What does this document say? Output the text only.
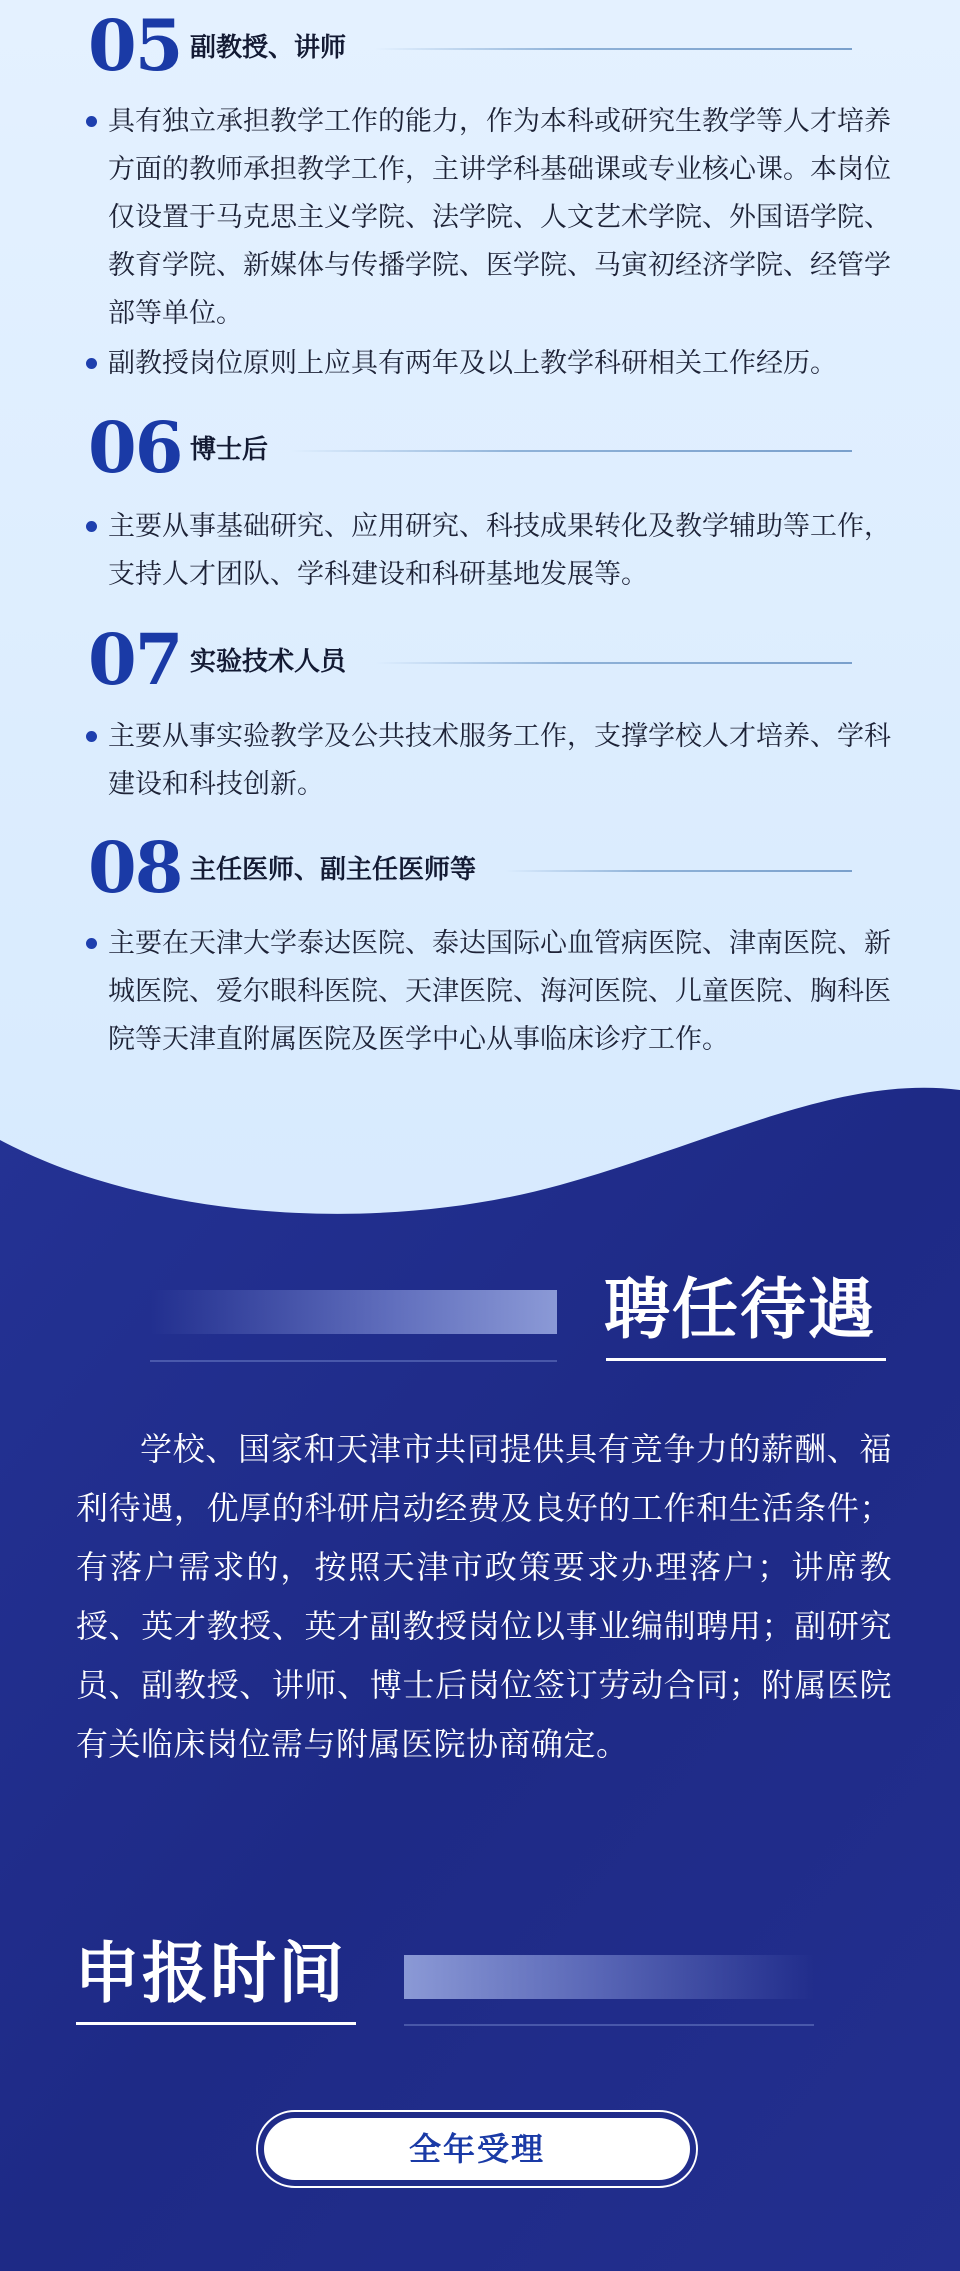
05 副教授、讲师
具有独立承担教学工作的能力，作为本科或研究生教学等人才培养方面的教师承担教学工作，主讲学科基础课或专业核心课。本岗位仅设置于马克思主义学院、法学院、人文艺术学院、外国语学院、教育学院、新媒体与传播学院、医学院、马寅初经济学院、经管学部等单位。
副教授岗位原则上应具有两年及以上教学科研相关工作经历。
06 博士后
主要从事基础研究、应用研究、科技成果转化及教学辅助等工作，支持人才团队、学科建设和科研基地发展等。
07 实验技术人员
主要从事实验教学及公共技术服务工作，支撑学校人才培养、学科建设和科技创新。
08 主任医师、副主任医师等
主要在天津大学泰达医院、泰达国际心血管病医院、津南医院、新城医院、爱尔眼科医院、天津医院、海河医院、儿童医院、胸科医院等天津直附属医院及医学中心从事临床诊疗工作。
聘任待遇
学校、国家和天津市共同提供具有竞争力的薪酬、福利待遇，优厚的科研启动经费及良好的工作和生活条件；有落户需求的，按照天津市政策要求办理落户；讲席教授、英才教授、英才副教授岗位以事业编制聘用；副研究员、副教授、讲师、博士后岗位签订劳动合同；附属医院有关临床岗位需与附属医院协商确定。
申报时间
全年受理
